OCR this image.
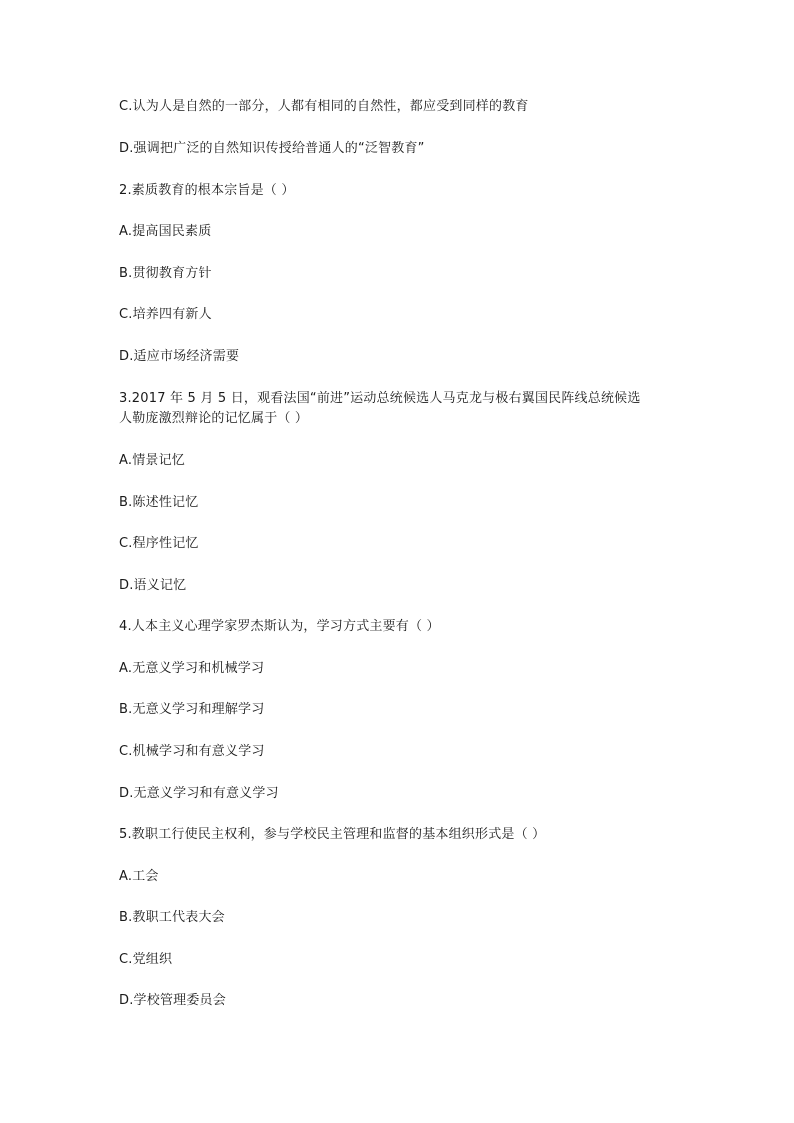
C.认为人是自然的一部分，人都有相同的自然性，都应受到同样的教育
D.强调把广泛的自然知识传授给普通人的“泛智教育”
2.素质教育的根本宗旨是（ ）
A.提高国民素质
B.贯彻教育方针
C.培养四有新人
D.适应市场经济需要
3.2017 年 5 月 5 日，观看法国“前进”运动总统候选人马克龙与极右翼国民阵线总统候选
人勒庞激烈辩论的记忆属于（ ）
A.情景记忆
B.陈述性记忆
C.程序性记忆
D.语义记忆
4.人本主义心理学家罗杰斯认为，学习方式主要有（ ）
A.无意义学习和机械学习
B.无意义学习和理解学习
C.机械学习和有意义学习
D.无意义学习和有意义学习
5.教职工行使民主权利，参与学校民主管理和监督的基本组织形式是（ ）
A.工会
B.教职工代表大会
C.党组织
D.学校管理委员会
